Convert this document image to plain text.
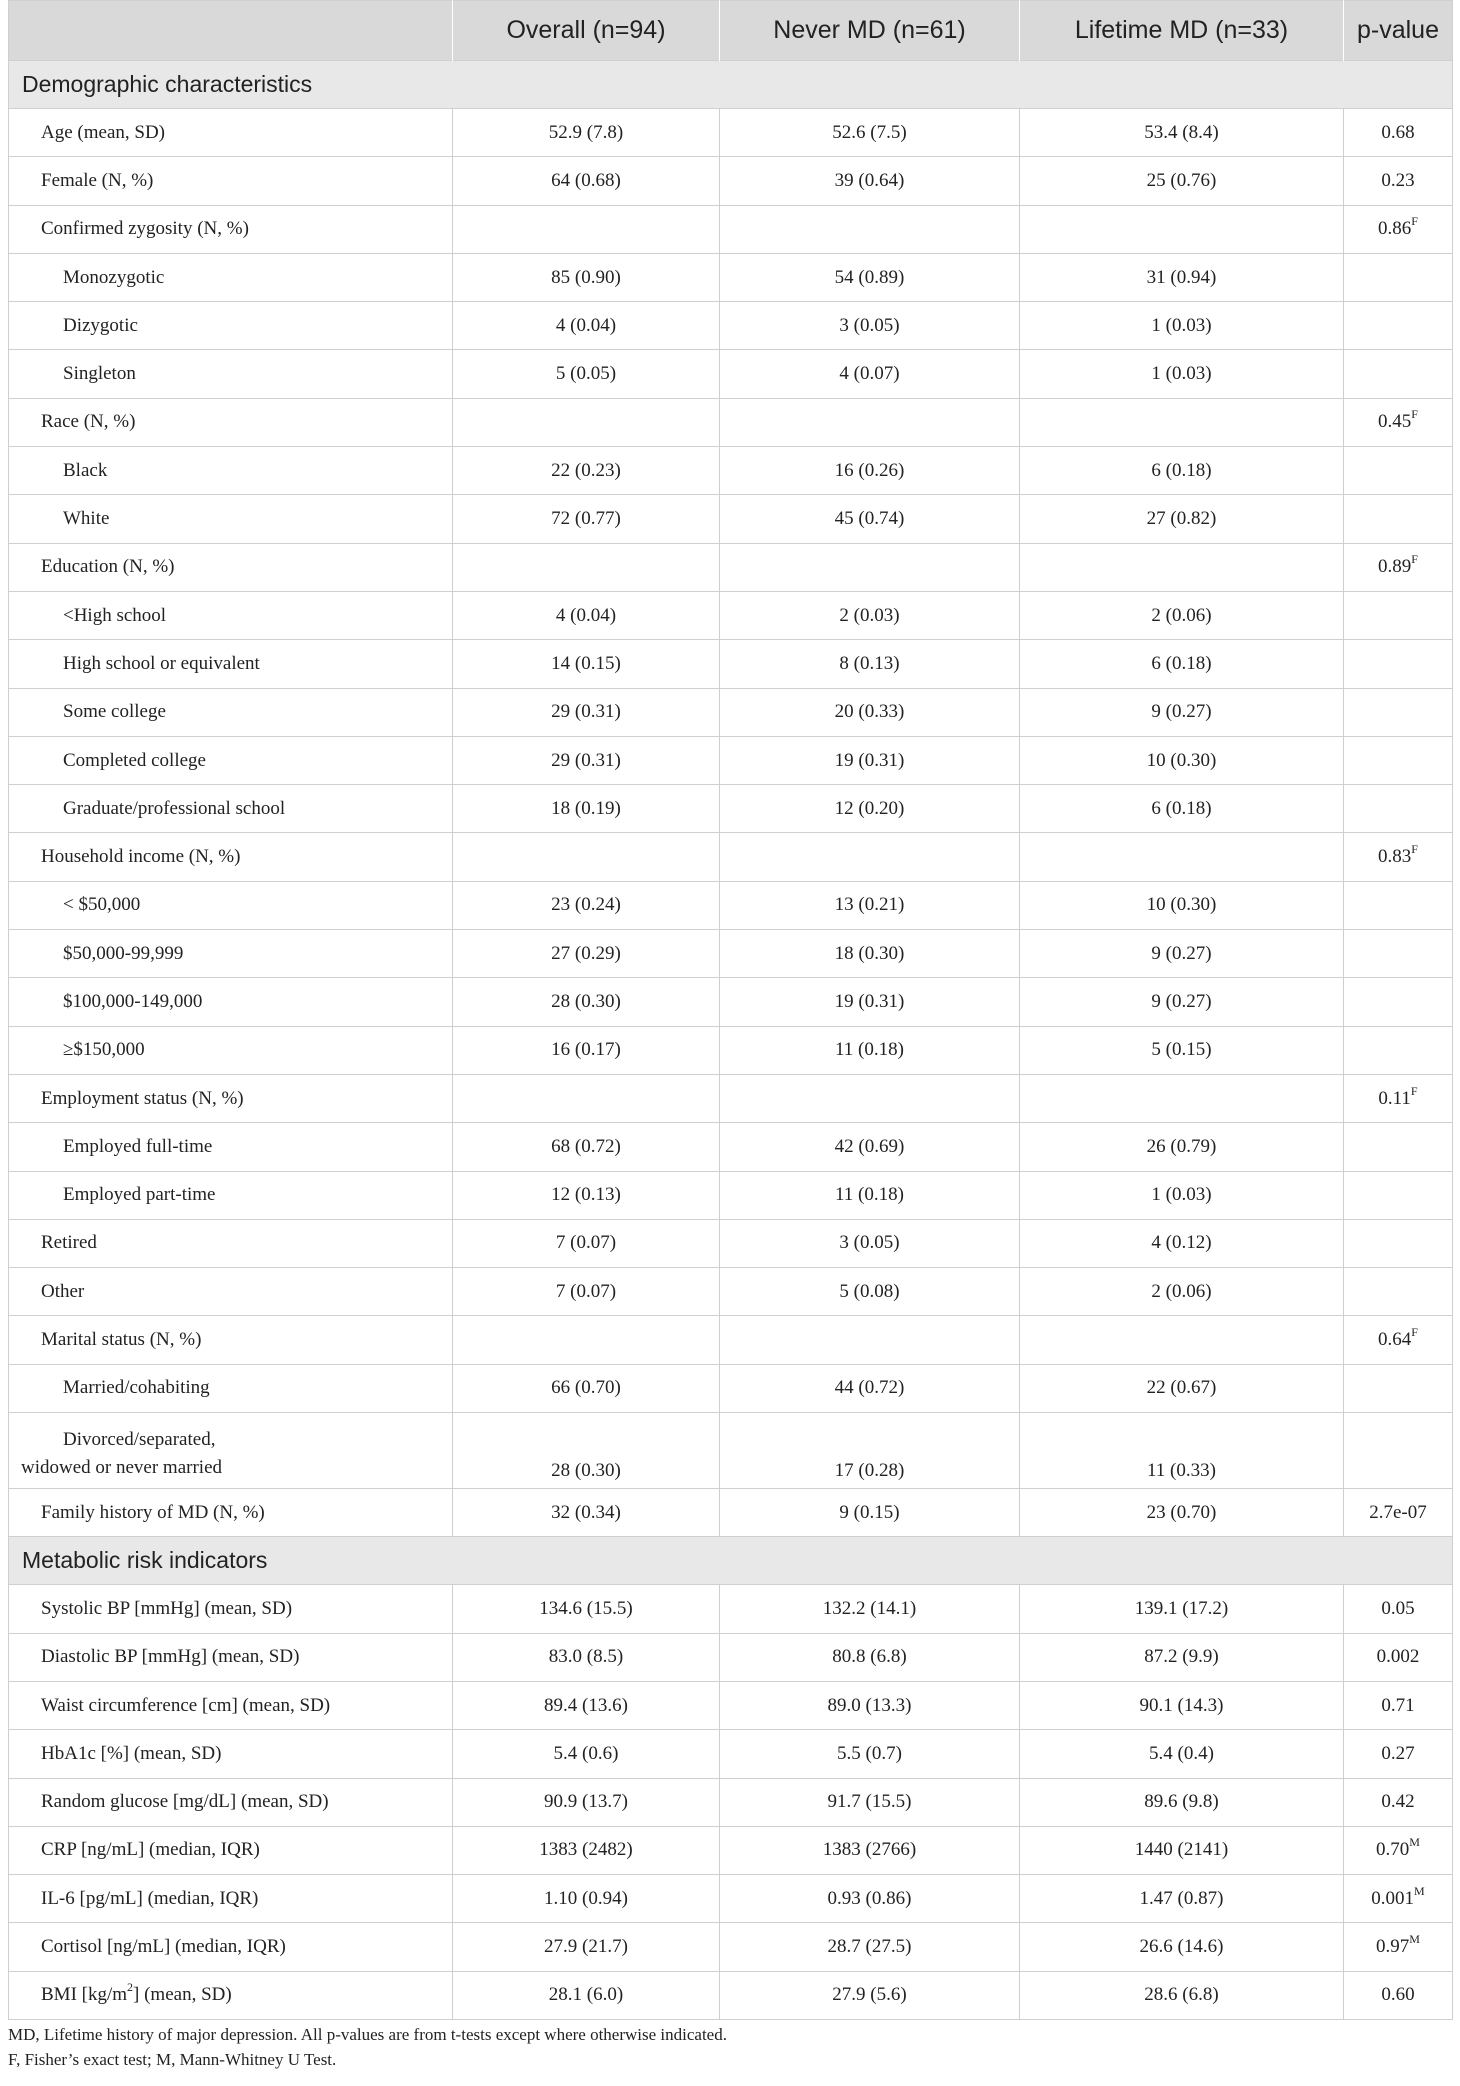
	Overall (n=94)	Never MD (n=61)	Lifetime MD (n=33)	p-value
Demographic characteristics				
Age (mean, SD)	52.9 (7.8)	52.6 (7.5)	53.4 (8.4)	0.68
Female (N, %)	64 (0.68)	39 (0.64)	25 (0.76)	0.23
Confirmed zygosity (N, %)				$0.86^F$
Monozygotic	85 (0.90)	54 (0.89)	31 (0.94)	
Dizygotic	4 (0.04)	3 (0.05)	1 (0.03)	
Singleton	5 (0.05)	4 (0.07)	1 (0.03)	
Race (N, %)				$0.45^F$
Black	22 (0.23)	16 (0.26)	6 (0.18)	
White	72 (0.77)	45 (0.74)	27 (0.82)	
Education (N, %)				$0.89^F$
<High school	4 (0.04)	2 (0.03)	2 (0.06)	
High school or equivalent	14 (0.15)	8 (0.13)	6 (0.18)	
Some college	29 (0.31)	20 (0.33)	9 (0.27)	
Completed college	29 (0.31)	19 (0.31)	10 (0.30)	
Graduate/professional school	18 (0.19)	12 (0.20)	6 (0.18)	
Household income (N, %)				$0.83^F$
< $50,000	23 (0.24)	13 (0.21)	10 (0.30)	
$50,000-99,999	27 (0.29)	18 (0.30)	9 (0.27)	
$100,000-149,000	28 (0.30)	19 (0.31)	9 (0.27)	
≥$150,000	16 (0.17)	11 (0.18)	5 (0.15)	
Employment status (N, %)				$0.11^F$
Employed full-time	68 (0.72)	42 (0.69)	26 (0.79)	
Employed part-time	12 (0.13)	11 (0.18)	1 (0.03)	
Retired	7 (0.07)	3 (0.05)	4 (0.12)	
Other	7 (0.07)	5 (0.08)	2 (0.06)	
Marital status (N, %)				$0.64^F$
Married/cohabiting	66 (0.70)	44 (0.72)	22 (0.67)	

Divorced/separated,
widowed or never married	28 (0.30)	17 (0.28)	11 (0.33)	
Family history of MD (N, %)	32 (0.34)	9 (0.15)	23 (0.70)	2.7e-07
Metabolic risk indicators				
Systolic BP [mmHg] (mean, SD)	134.6 (15.5)	132.2 (14.1)	139.1 (17.2)	0.05
Diastolic BP [mmHg] (mean, SD)	83.0 (8.5)	80.8 (6.8)	87.2 (9.9)	0.002
Waist circumference [cm] (mean, SD)	89.4 (13.6)	89.0 (13.3)	90.1 (14.3)	0.71
HbA1c [%] (mean, SD)	5.4 (0.6)	5.5 (0.7)	5.4 (0.4)	0.27
Random glucose [mg/dL] (mean, SD)	90.9 (13.7)	91.7 (15.5)	89.6 (9.8)	0.42
CRP [ng/mL] (median, IQR)	1383 (2482)	1383 (2766)	1440 (2141)	$0.70^M$
IL-6 [pg/mL] (median, IQR)	1.10 (0.94)	0.93 (0.86)	1.47 (0.87)	$0.001^M$
Cortisol [ng/mL] (median, IQR)	27.9 (21.7)	28.7 (27.5)	26.6 (14.6)	$0.97^M$
BMI $[kg/m^2]$ (mean, SD)	28.1 (6.0)	27.9 (5.6)	28.6 (6.8)	0.60
MD, Lifetime history of major depression. All p-values are from t-tests except where otherwise indicated.
F, Fisher’s exact test; M, Mann-Whitney U Test.
